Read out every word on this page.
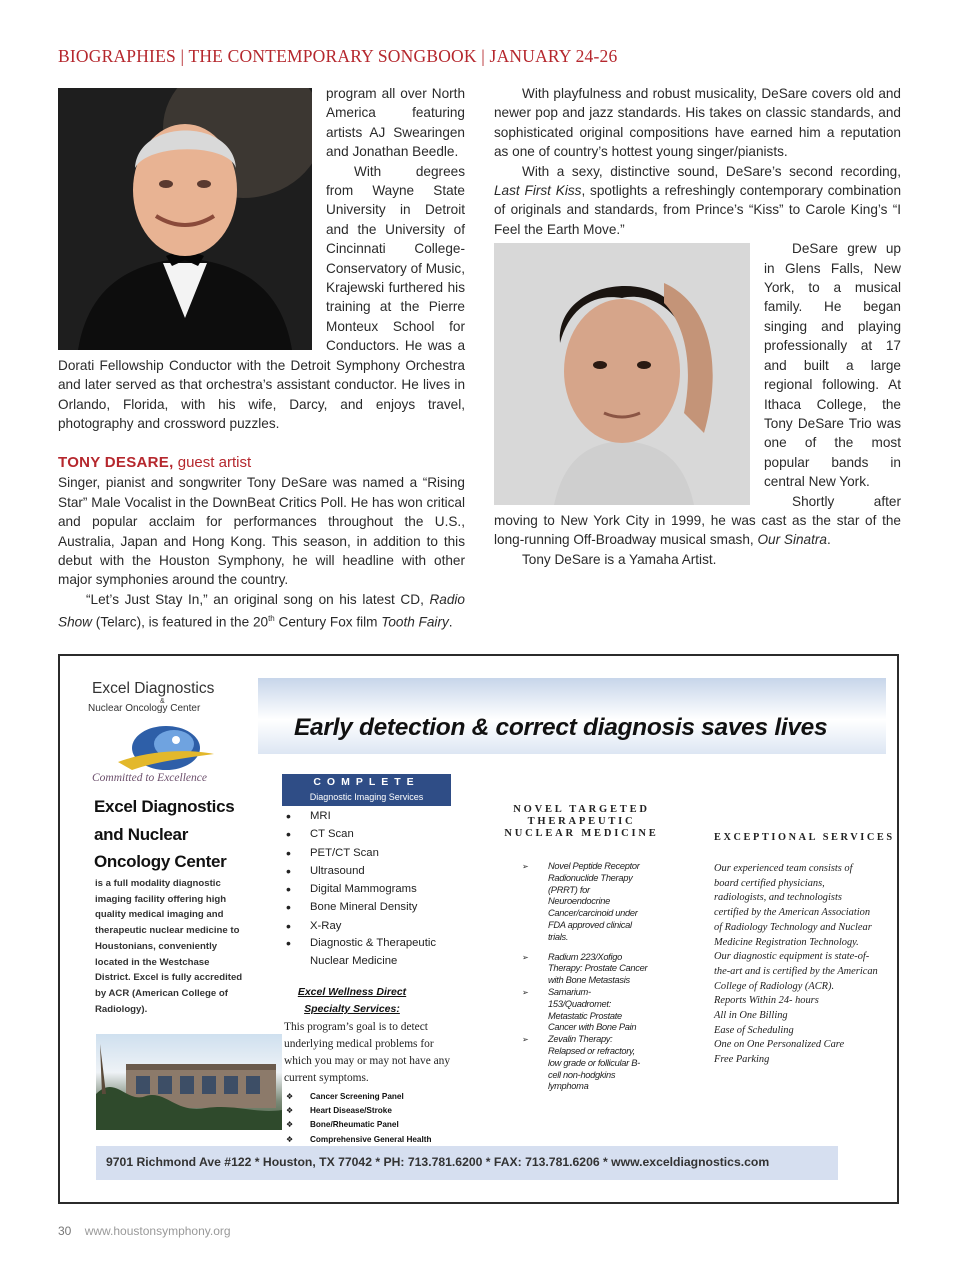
BIOGRAPHIES | THE CONTEMPORARY SONGBOOK | JANUARY 24-26

program all over North America featuring artists AJ Swearingen and Jonathan Beedle.

With degrees from Wayne State University in Detroit and the University of Cincinnati College-Conservatory of Music, Krajewski furthered his training at the Pierre Monteux School for Conductors. He was a Dorati Fellowship Conductor with the Detroit Symphony Orchestra and later served as that orchestra’s assistant conductor. He lives in Orlando, Florida, with his wife, Darcy, and enjoys travel, photography and crossword puzzles.

TONY DESARE, guest artist

Singer, pianist and songwriter Tony DeSare was named a “Rising Star” Male Vocalist in the DownBeat Critics Poll. He has won critical and popular acclaim for performances throughout the U.S., Australia, Japan and Hong Kong. This season, in addition to this debut with the Houston Symphony, he will headline with other major symphonies around the country.

“Let’s Just Stay In,” an original song on his latest CD, Radio Show (Telarc), is featured in the 20th Century Fox film Tooth Fairy.

With playfulness and robust musicality, DeSare covers old and newer pop and jazz standards. His takes on classic standards, and sophisticated original compositions have earned him a reputation as one of country’s hottest young singer/pianists.

With a sexy, distinctive sound, DeSare’s second recording, Last First Kiss, spotlights a refreshingly contemporary combination of originals and standards, from Prince’s “Kiss” to Carole King’s “I Feel the Earth Move.”

DeSare grew up in Glens Falls, New York, to a musical family. He began singing and playing professionally at 17 and built a large regional following. At Ithaca College, the Tony DeSare Trio was one of the most popular bands in central New York.

Shortly after moving to New York City in 1999, he was cast as the star of the long-running Off-Broadway musical smash, Our Sinatra.

Tony DeSare is a Yamaha Artist.

Early detection & correct diagnosis saves lives
Excel Diagnostics
&
Nuclear Oncology Center
Committed to Excellence
Excel Diagnostics and Nuclear Oncology Center
is a full modality diagnostic imaging facility offering high quality medical imaging and therapeutic nuclear medicine to Houstonians, conveniently located in the Westchase District. Excel is fully accredited by ACR (American College of Radiology).
COMPLETE
Diagnostic Imaging Services
• MRI
• CT Scan
• PET/CT Scan
• Ultrasound
• Digital Mammograms
• Bone Mineral Density
• X-Ray
• Diagnostic & Therapeutic Nuclear Medicine
Excel Wellness Direct Specialty Services:
This program’s goal is to detect underlying medical problems for which you may or may not have any current symptoms.
❖ Cancer Screening Panel
❖ Heart Disease/Stroke
❖ Bone/Rheumatic Panel
❖ Comprehensive General Health
NOVEL TARGETED THERAPEUTIC NUCLEAR MEDICINE
➢ Novel Peptide Receptor Radionuclide Therapy (PRRT) for Neuroendocrine Cancer/carcinoid under FDA approved clinical trials.
➢ Radium 223/Xofigo Therapy: Prostate Cancer with Bone Metastasis
➢ Samarium-153/Quadromet: Metastatic Prostate Cancer with Bone Pain
➢ Zevalin Therapy: Relapsed or refractory, low grade or follicular B-cell non-hodgkins lymphoma
EXCEPTIONAL SERVICES
Our experienced team consists of board certified physicians, radiologists, and technologists certified by the American Association of Radiology Technology and Nuclear Medicine Registration Technology. Our diagnostic equipment is state-of-the-art and is certified by the American College of Radiology (ACR).
Reports Within 24- hours
All in One Billing
Ease of Scheduling
One on One Personalized Care
Free Parking
9701 Richmond Ave #122 * Houston, TX 77042 * PH: 713.781.6200 * FAX: 713.781.6206 * www.exceldiagnostics.com
30 www.houstonsymphony.org
